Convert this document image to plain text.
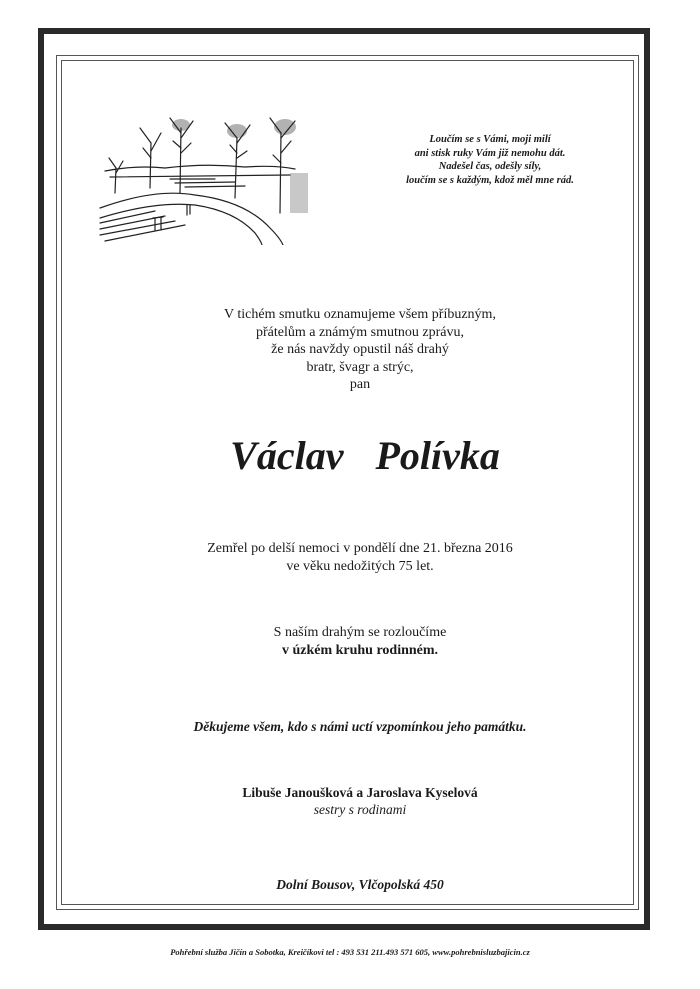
Loučím se s Vámi, moji milí
ani stisk ruky Vám již nemohu dát.
Nadešel čas, odešly síly,
loučím se s každým, kdož měl mne rád.
V tichém smutku oznamujeme všem příbuzným,
přátelům a známým smutnou zprávu,
že nás navždy opustil náš drahý
bratr, švagr a strýc,
pan
Václav  Polívka
Zemřel po delší nemoci v pondělí dne 21. března 2016
ve věku nedožitých 75 let.
S naším drahým se rozloučíme
v úzkém kruhu rodinném.
Děkujeme všem, kdo s námi uctí vzpomínkou jeho památku.
Libuše Janoušková a Jaroslava Kyselová
sestry s rodinami
Dolní Bousov, Vlčopolská 450
Pohřební služba Jičín a Sobotka, Kreičíkovi tel : 493 531 211.493 571 605, www.pohrebnisluzbajicin.cz
